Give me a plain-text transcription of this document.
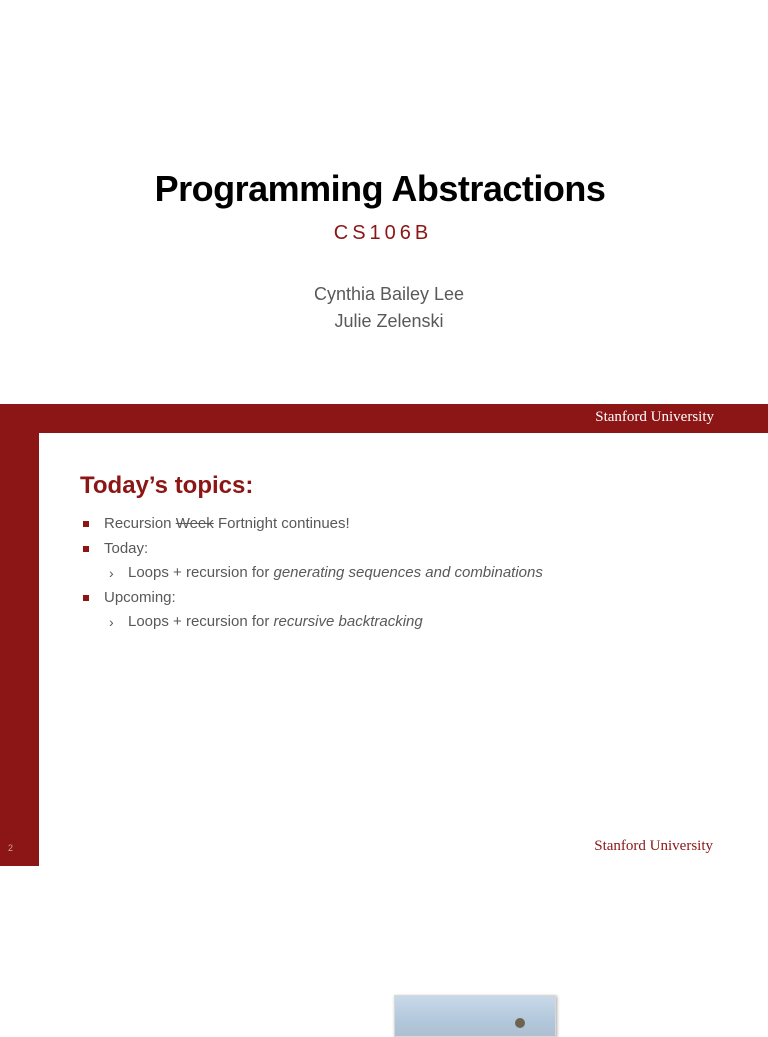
Programming Abstractions
CS106B
Cynthia Bailey Lee
Julie Zelenski
Stanford University
2
Today’s topics:
Recursion Week Fortnight continues!
Today:
› Loops + recursion for generating sequences and combinations
Upcoming:
› Loops + recursion for recursive backtracking
Stanford University
